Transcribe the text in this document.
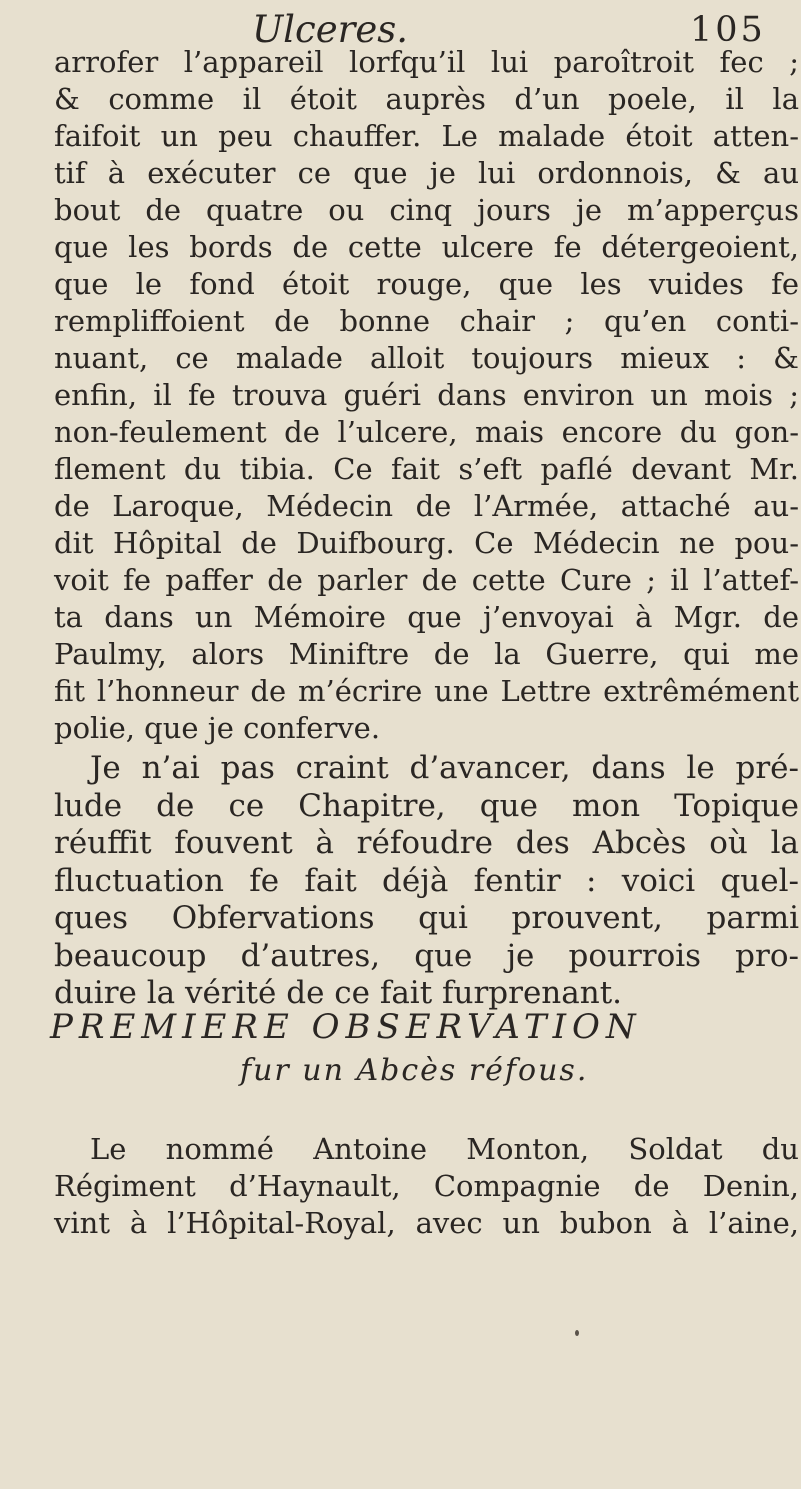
Ulceres.	105
arrofer l’appareil lorfqu’il lui paroîtroit fec ;
& comme il étoit auprès d’un poele, il la
faifoit un peu chauffer. Le malade étoit atten-
tif à exécuter ce que je lui ordonnois, & au
bout de quatre ou cinq jours je m’apperçus
que les bords de cette ulcere fe détergeoient,
que le fond étoit rouge, que les vuides fe
rempliffoient de bonne chair ; qu’en conti-
nuant, ce malade alloit toujours mieux : &
enfin, il fe trouva guéri dans environ un mois ;
non-feulement de l’ulcere, mais encore du gon-
flement du tibia. Ce fait s’eft paflé devant Mr.
de Laroque, Médecin de l’Armée, attaché au-
dit Hôpital de Duifbourg. Ce Médecin ne pou-
voit fe paffer de parler de cette Cure ; il l’attef-
ta dans un Mémoire que j’envoyai à Mgr. de
Paulmy, alors Miniftre de la Guerre, qui me
fit l’honneur de m’écrire une Lettre extrêmément
polie, que je conferve.
Je n’ai pas craint d’avancer, dans le pré-
lude de ce Chapitre, que mon Topique
réuffit fouvent à réfoudre des Abcès où la
fluctuation fe fait déjà fentir : voici quel-
ques Obfervations qui prouvent, parmi
beaucoup d’autres, que je pourrois pro-
duire la vérité de ce fait furprenant.
PREMIERE OBSERVATION
fur un Abcès réfous.
Le nommé Antoine Monton, Soldat du
Régiment d’Haynault, Compagnie de Denin,
vint à l’Hôpital-Royal, avec un bubon à l’aine,
